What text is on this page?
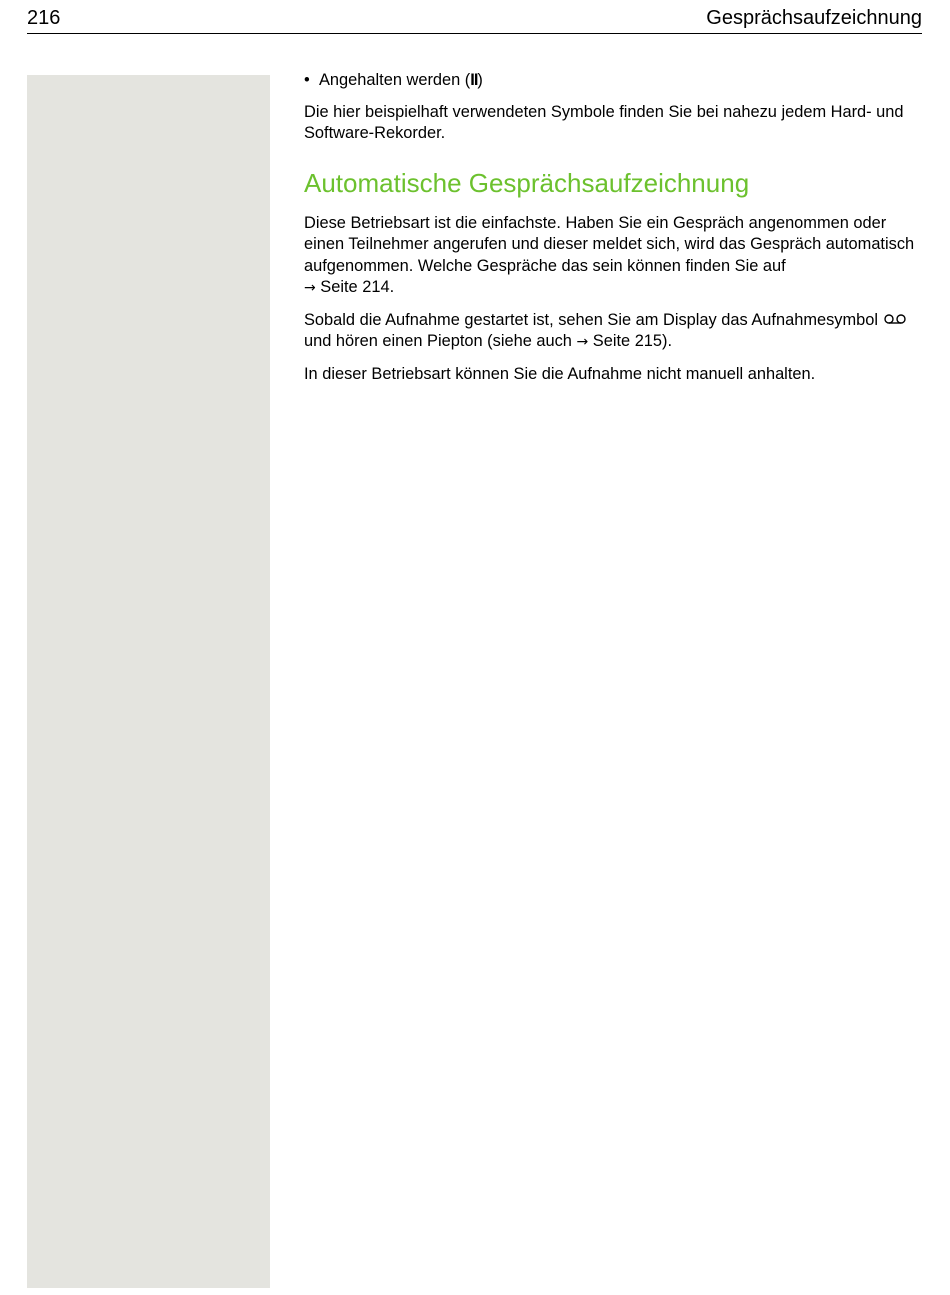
216	Gesprächsaufzeichnung
• Angehalten werden (II)

Die hier beispielhaft verwendeten Symbole finden Sie bei nahezu jedem Hard- und Software-Rekorder.

Automatische Gesprächsaufzeichnung

Diese Betriebsart ist die einfachste. Haben Sie ein Gespräch angenommen oder einen Teilnehmer angerufen und dieser meldet sich, wird das Gespräch automatisch aufgenommen. Welche Gespräche das sein können finden Sie auf
→ Seite 214.

Sobald die Aufnahme gestartet ist, sehen Sie am Display das Aufnahmesymbol  und hören einen Piepton (siehe auch → Seite 215).

In dieser Betriebsart können Sie die Aufnahme nicht manuell anhalten.
